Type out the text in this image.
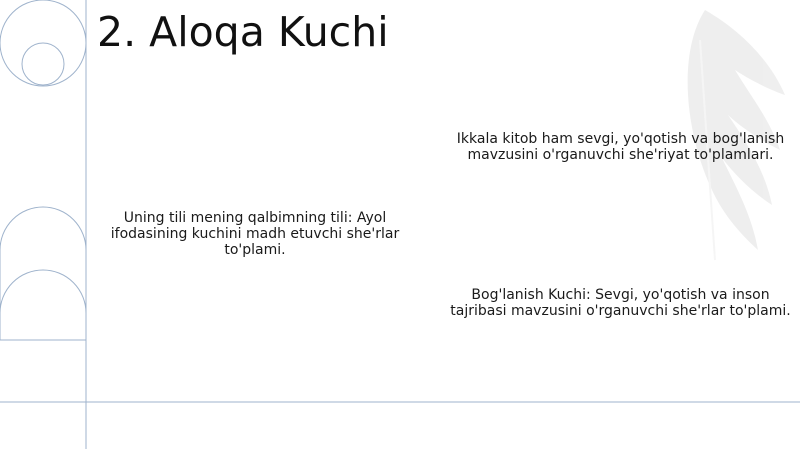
2. Aloqa Kuchi

Uning tili mening qalbimning tili: Ayol ifodasining kuchini madh etuvchi she'rlar to'plami.

Ikkala kitob ham sevgi, yo'qotish va bog'lanish mavzusini o'rganuvchi she'riyat to'plamlari.

Bog'lanish Kuchi: Sevgi, yo'qotish va inson tajribasi mavzusini o'rganuvchi she'rlar to'plami.
